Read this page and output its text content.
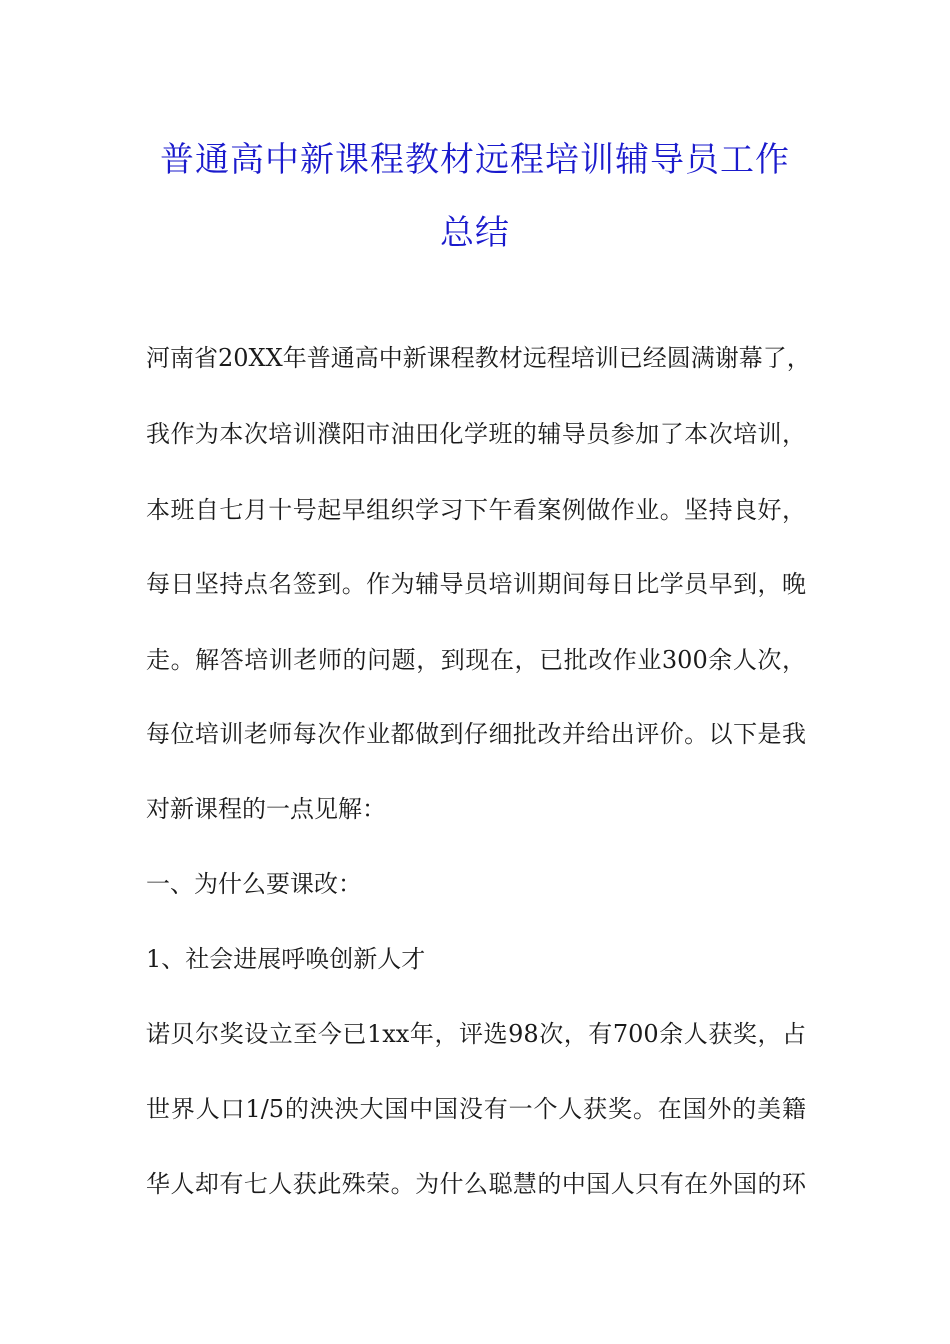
普通高中新课程教材远程培训辅导员工作
总结
河南省20XX年普通高中新课程教材远程培训已经圆满谢幕了，
我作为本次培训濮阳市油田化学班的辅导员参加了本次培训，
本班自七月十号起早组织学习下午看案例做作业。坚持良好，
每日坚持点名签到。作为辅导员培训期间每日比学员早到，晚
走。解答培训老师的问题，到现在，已批改作业300余人次，
每位培训老师每次作业都做到仔细批改并给出评价。以下是我
对新课程的一点见解：
一、为什么要课改：
1、社会进展呼唤创新人才
诺贝尔奖设立至今已1xx年，评选98次，有700余人获奖，占
世界人口1/5的泱泱大国中国没有一个人获奖。在国外的美籍
华人却有七人获此殊荣。为什么聪慧的中国人只有在外国的环
